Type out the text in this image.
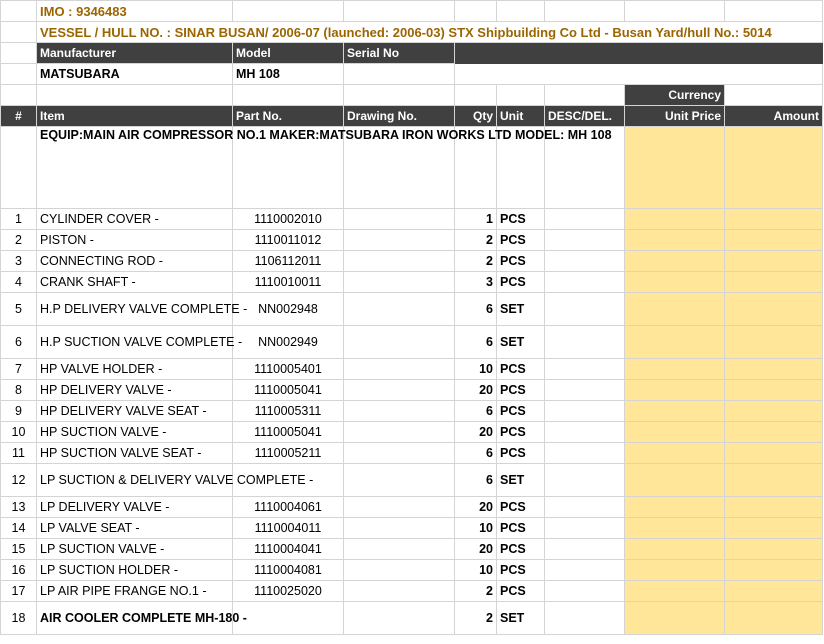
	IMO : 9346483							
	VESSEL / HULL NO. : SINAR BUSAN/ 2006-07 (launched: 2006-03) STX Shipbuilding Co Ltd - Busan Yard/hull No.: 5014							
	Manufacturer	Model	Serial No					
	MATSUBARA	MH 108						
							Currency	
#	Item	Part No.	Drawing No.	Qty	Unit	DESC/DEL.	Unit Price	Amount
	EQUIP:MAIN AIR COMPRESSOR NO.1 MAKER:MATSUBARA IRON WORKS LTD MODEL: MH 108							
1	CYLINDER COVER -	1110002010		1	PCS			
2	PISTON -	1110011012		2	PCS			
3	CONNECTING ROD -	1106112011		2	PCS			
4	CRANK SHAFT -	1110010011		3	PCS			
5	H.P DELIVERY VALVE COMPLETE -	NN002948		6	SET			
6	H.P SUCTION VALVE COMPLETE -	NN002949		6	SET			
7	HP VALVE HOLDER -	1110005401		10	PCS			
8	HP DELIVERY VALVE -	1110005041		20	PCS			
9	HP DELIVERY VALVE SEAT -	1110005311		6	PCS			
10	HP SUCTION VALVE -	1110005041		20	PCS			
11	HP SUCTION VALVE SEAT -	1110005211		6	PCS			
12	LP SUCTION & DELIVERY VALVE COMPLETE -			6	SET			
13	LP DELIVERY VALVE -	1110004061		20	PCS			
14	LP VALVE SEAT -	1110004011		10	PCS			
15	LP SUCTION VALVE -	1110004041		20	PCS			
16	LP SUCTION HOLDER -	1110004081		10	PCS			
17	LP AIR PIPE FRANGE NO.1 -	1110025020		2	PCS			
18	AIR COOLER COMPLETE MH-180 -			2	SET			
